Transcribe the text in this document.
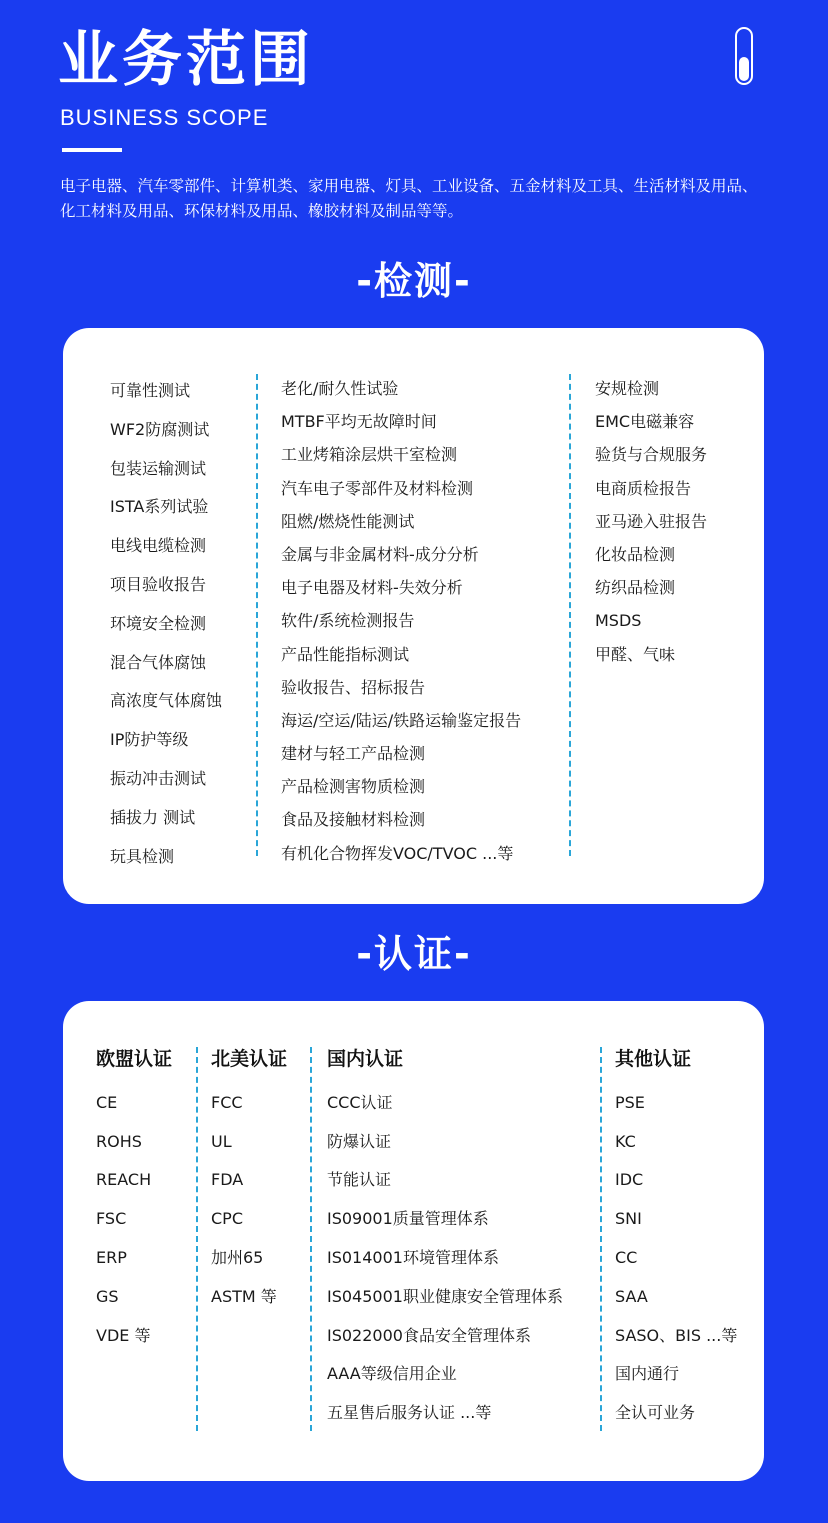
业务范围

BUSINESS SCOPE

电子电器、汽车零部件、计算机类、家用电器、灯具、工业设备、五金材料及工具、生活材料及用品、化工材料及用品、环保材料及用品、橡胶材料及制品等等。

-检测-
可靠性测试
WF2防腐测试
包装运输测试
ISTA系列试验
电线电缆检测
项目验收报告
环境安全检测
混合气体腐蚀
高浓度气体腐蚀
IP防护等级
振动冲击测试
插拔力 测试
玩具检测
老化/耐久性试验
MTBF平均无故障时间
工业烤箱涂层烘干室检测
汽车电子零部件及材料检测
阻燃/燃烧性能测试
金属与非金属材料-成分分析
电子电器及材料-失效分析
软件/系统检测报告
产品性能指标测试
验收报告、招标报告
海运/空运/陆运/铁路运输鉴定报告
建材与轻工产品检测
产品检测害物质检测
食品及接触材料检测
有机化合物挥发VOC/TVOC ...等
安规检测
EMC电磁兼容
验货与合规服务
电商质检报告
亚马逊入驻报告
化妆品检测
纺织品检测
MSDS
甲醛、气味
-认证-
欧盟认证
CE
ROHS
REACH
FSC
ERP
GS
VDE 等
北美认证
FCC
UL
FDA
CPC
加州65
ASTM 等
国内认证
CCC认证
防爆认证
节能认证
IS09001质量管理体系
IS014001环境管理体系
IS045001职业健康安全管理体系
IS022000食品安全管理体系
AAA等级信用企业
五星售后服务认证 ...等
其他认证
PSE
KC
IDC
SNI
CC
SAA
SASO、BIS ...等
国内通行
全认可业务
